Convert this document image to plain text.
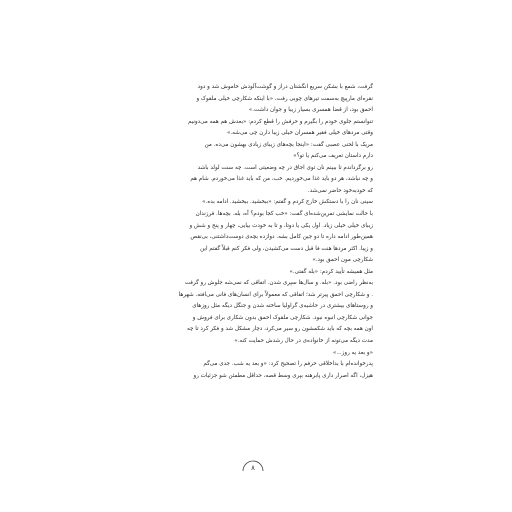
گرفت، شمع با بشکن سریع انگشتان دراز و گوشت‌آلودش خاموش شد و دود
نقره‌ای مارپیچ به‌سمت تیرهای چوبی رفت، «با اینکه شکارچی خیلی ملقوک و
احمق بود، از قضا همسری بسیار زیبا و جوان داشت.»
تنوانستم جلوی خودم را بگیرم و حرفش را قطع کردم: «بعدش هم همه می‌دونیم
وقتی مردهای خیلی فقیر همسران خیلی زیبا دارن چی می‌شه.»
مریک با لحنی عصبی گفت: «اینجا بچه‌های زیبای زیادی بهشون می‌ده. من
دارم داستان تعریف می‌کنم یا تو؟»
رو برگرداندم تا ببینم نان توی اجاق در چه وضعیتی است. چه سنت لولد باشد
و چه نباشد، هر دو باید غذا می‌خوردیم. خب، من که باید غذا می‌خوردم. شام هم
که خودبه‌خود حاضر نمی‌شد.
سینی نان را با دستکش خارج کردم و گفتم: «ببخشید. ببخشید. ادامه بده.»
با حالت نمایشی تمرین‌شده‌ای گفت: «خب کجا بودم؟ آه، بله. بچه‌ها. فرزندان
زیبای خیلی خیلی زیاد. اول یکی یا دوتا، و تا به خودت بیایی، چهار و پنج و شش و
همین‌طور ادامه داره تا دو جین کامل بشه. دوازده بچه‌ی دوست‌داشتنی، بی‌نقص
و زیبا. اکثر مردها هنت فا قبل دست می‌کشیدن، ولی فکر کنم قبلاً گفتم این
شکارچی مون احمق بود.»
مثل همیشه تأیید کردم: «بله گفتی.»
به‌نظر راضی بود. «بله. و سال‌ها سپری شدن. اتفاقی که نمی‌شه جلوش رو گرفت
. و شکارچی احمق پیرتر شد؛ اتفاقی که معمولاً برای انسان‌های فانی می‌افته. شهرها
و روستاهای بیشتری در حاشیه‌ی گراولیا ساخته شدن و جنگل دیگه مثل روزهای
جوانی شکارچی انبوه نبود. شکارچی ملقوک احمق بدون شکاری برای فروش و
اون همه بچه که باید شکمشون رو سیر می‌کرد، دچار مشکل شد و فکر کرد تا چه
مدت دیگه می‌تونه از خانواده‌ی در حال رشدش حمایت کنه.»
«و بعد یه روز...»
پدرخوانده‌ام با بداخلاقی حرفم را تصحیح کرد: «و بعد یه شب. جدی می‌گم
هیزل، اگه اصرار داری پابرهنه بپری وسط قصه، حداقل مطمئن شو جزئیات رو
۸
